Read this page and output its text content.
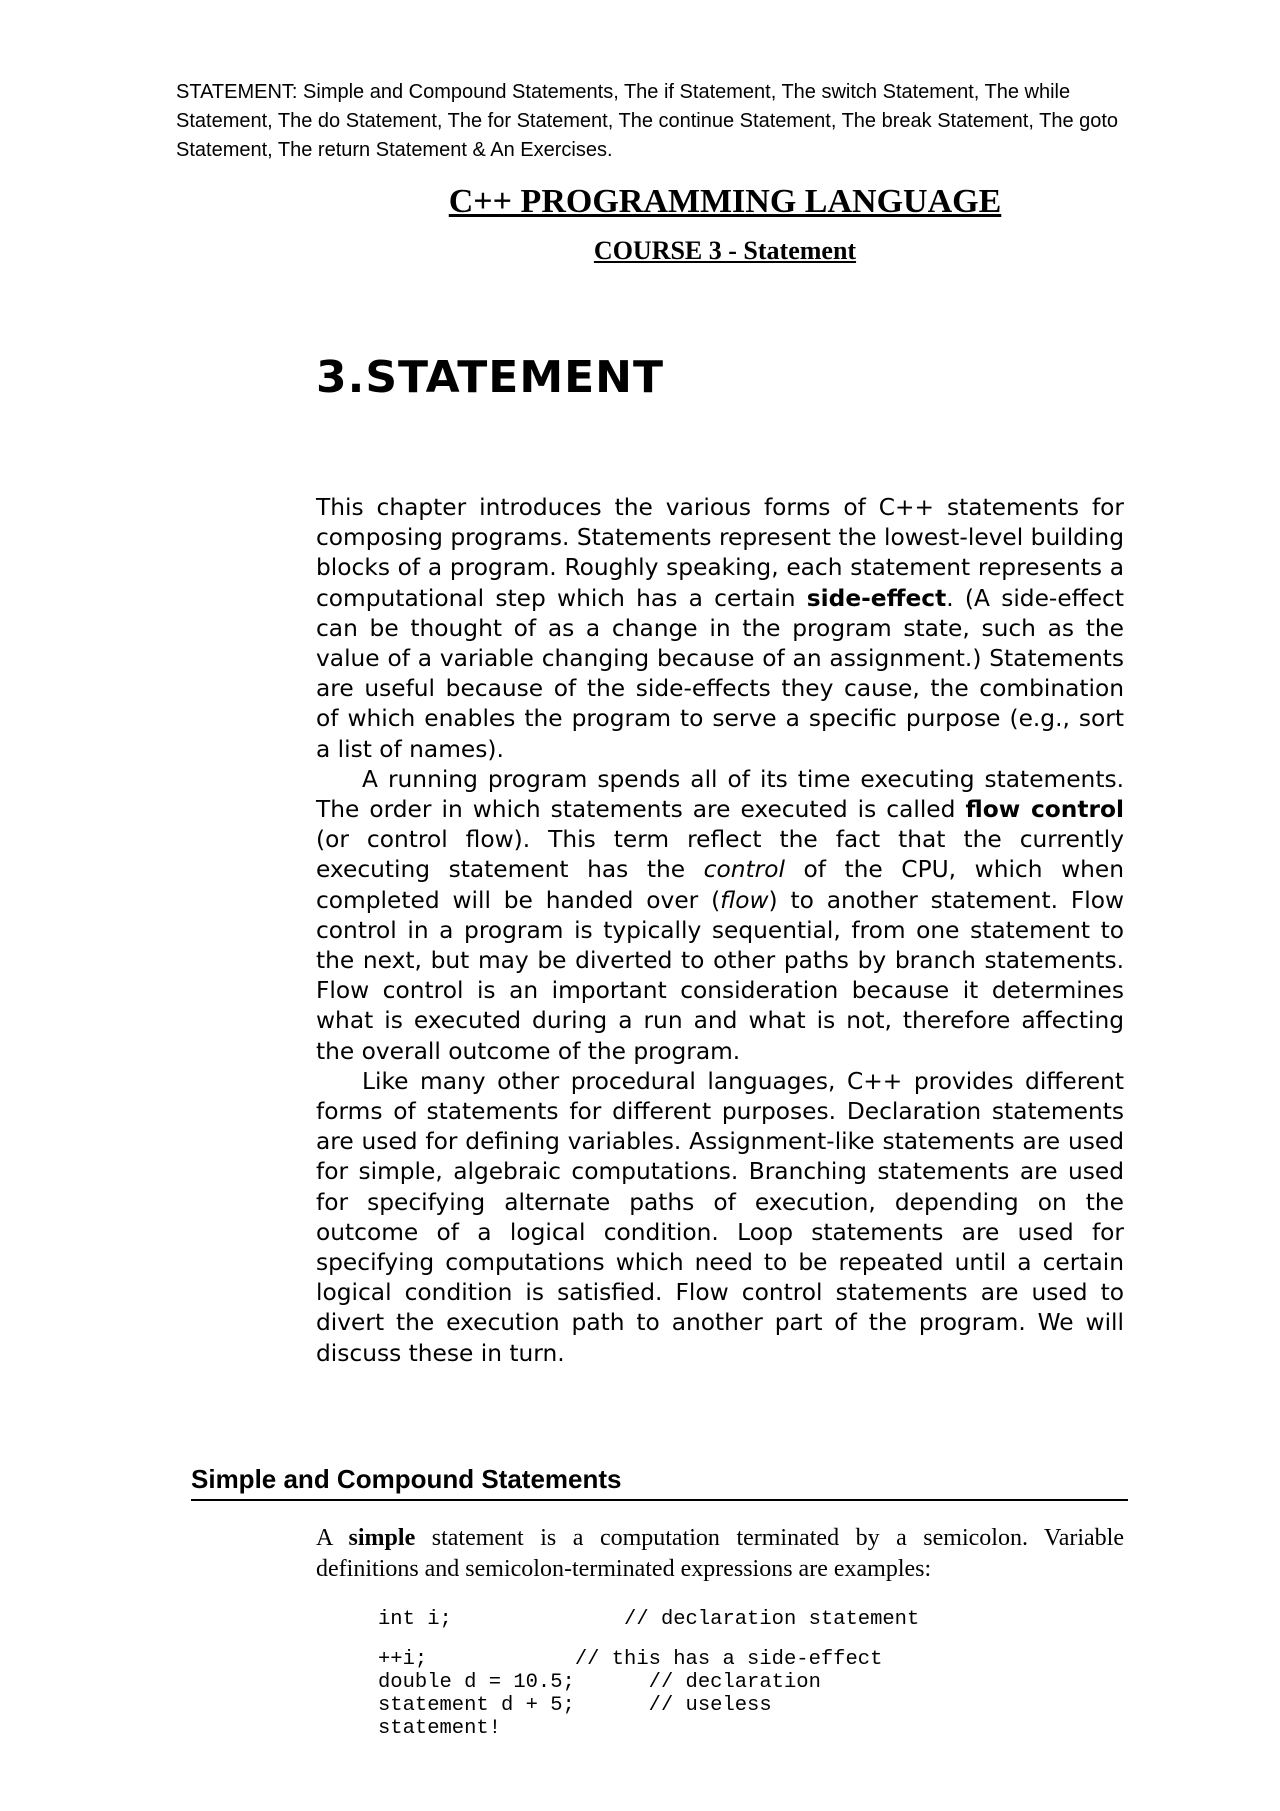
STATEMENT: Simple and Compound Statements, The if Statement, The switch Statement, The while Statement, The do Statement, The for Statement, The continue Statement, The break Statement, The goto Statement, The return Statement & An Exercises.
C++ PROGRAMMING LANGUAGE
COURSE 3 - Statement
3.STATEMENT

This chapter introduces the various forms of C++ statements for composing programs. Statements represent the lowest-level building blocks of a program. Roughly speaking, each statement represents a computational step which has a certain side-effect. (A side-effect can be thought of as a change in the program state, such as the value of a variable changing because of an assignment.) Statements are useful because of the side-effects they cause, the combination of which enables the program to serve a specific purpose (e.g., sort a list of names).

A running program spends all of its time executing statements. The order in which statements are executed is called flow control (or control flow). This term reflect the fact that the currently executing statement has the control of the CPU, which when completed will be handed over (flow) to another statement. Flow control in a program is typically sequential, from one statement to the next, but may be diverted to other paths by branch statements. Flow control is an important consideration because it determines what is executed during a run and what is not, therefore affecting the overall outcome of the program.

Like many other procedural languages, C++ provides different forms of statements for different purposes. Declaration statements are used for defining variables. Assignment-like statements are used for simple, algebraic computations. Branching statements are used for specifying alternate paths of execution, depending on the outcome of a logical condition. Loop statements are used for specifying computations which need to be repeated until a certain logical condition is satisfied. Flow control statements are used to divert the execution path to another part of the program. We will discuss these in turn.

Simple and Compound Statements
A simple statement is a computation terminated by a semicolon. Variable definitions and semicolon-terminated expressions are examples:
int i;              // declaration statement
++i;            // this has a side-effect
double d = 10.5;      // declaration
statement d + 5;      // useless
statement!
